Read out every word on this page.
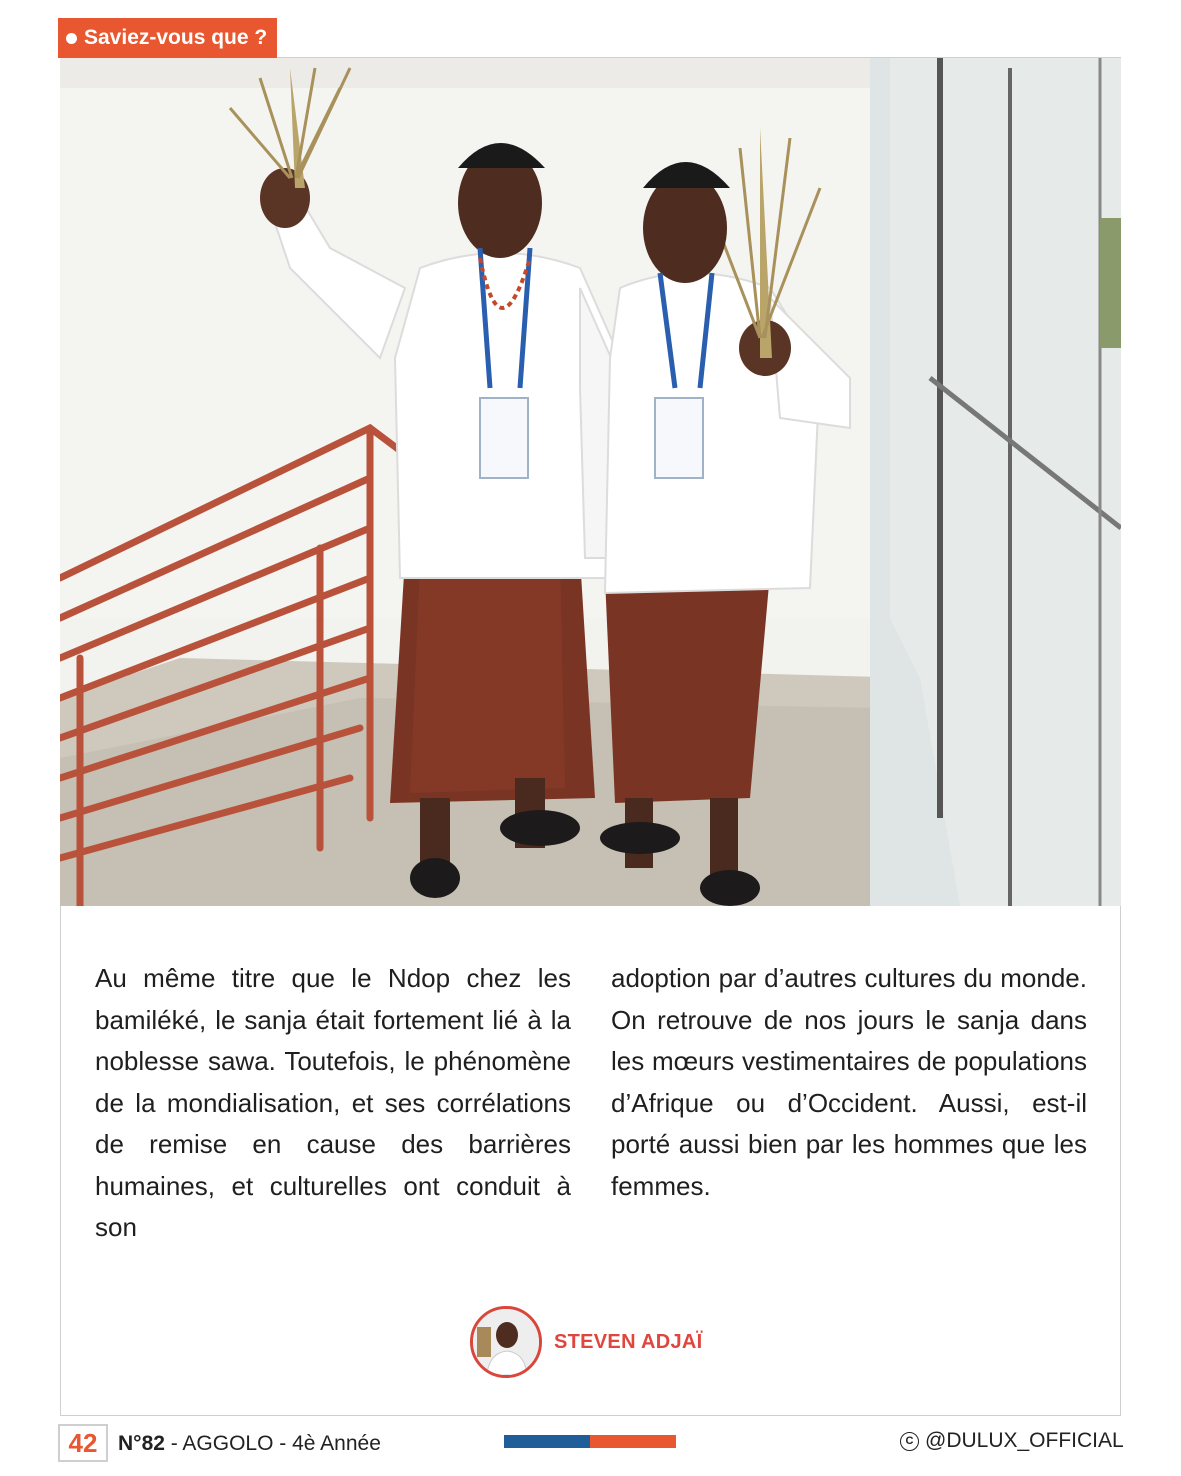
Saviez-vous que ?
Au même titre que le Ndop chez les bamiléké, le sanja était fortement lié à la noblesse sawa. Toutefois, le phénomène de la mondialisation, et ses corrélations de remise en cause des barrières humaines, et culturelles ont conduit à son
adoption par d’autres cultures du monde. On retrouve de nos jours le sanja dans les mœurs vestimentaires de populations d’Afrique ou d’Occident. Aussi, est-il porté aussi bien par les hommes que les femmes.
STEVEN ADJAÏ
42 N°82 - AGGOLO - 4è Année	C @DULUX_OFFICIAL
